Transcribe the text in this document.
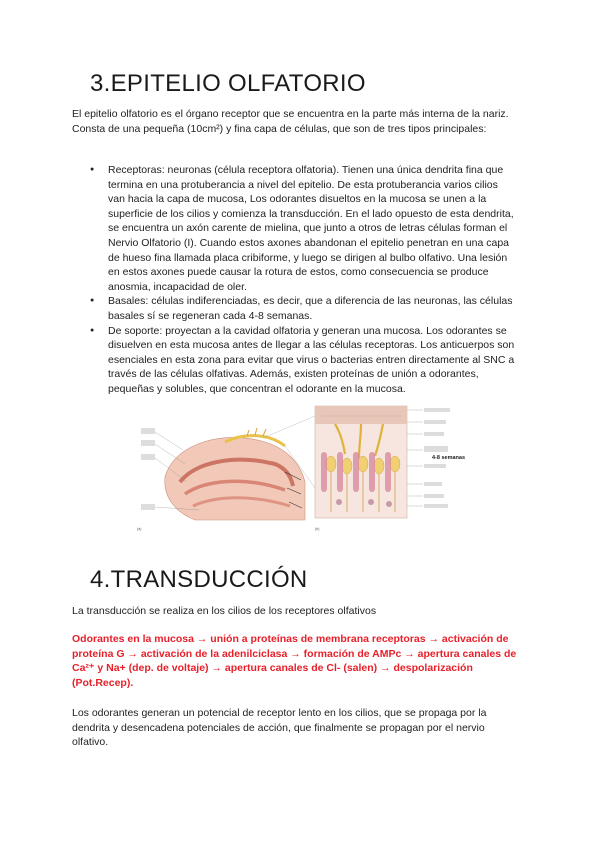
3.EPITELIO OLFATORIO

El epitelio olfatorio es el órgano receptor que se encuentra en la parte más interna de la nariz. Consta de una pequeña (10cm²) y fina capa de células, que son de tres tipos principales:

● Receptoras: neuronas (célula receptora olfatoria). Tienen una única dendrita fina que termina en una protuberancia a nivel del epitelio. De esta protuberancia varios cilios van hacia la capa de mucosa, Los odorantes disueltos en la mucosa se unen a la superficie de los cilios y comienza la transducción. En el lado opuesto de esta dendrita, se encuentra un axón carente de mielina, que junto a otros de letras células forman el Nervio Olfatorio (I). Cuando estos axones abandonan el epitelio penetran en una capa de hueso fina llamada placa cribiforme, y luego se dirigen al bulbo olfativo. Una lesión en estos axones puede causar la rotura de estos, como consecuencia se produce anosmia, incapacidad de oler.
● Basales: células indiferenciadas, es decir, que a diferencia de las neuronas, las células basales sí se regeneran cada 4-8 semanas.
● De soporte: proyectan a la cavidad olfatoria y generan una mucosa. Los odorantes se disuelven en esta mucosa antes de llegar a las células receptoras. Los anticuerpos son esenciales en esta zona para evitar que virus o bacterias entren directamente al SNC a través de las células olfativas. Además, existen proteínas de unión a odorantes, pequeñas y solubles, que concentran el odorante en la mucosa.
(a)
4-8 semanas
(b)
4.TRANSDUCCIÓN

La transducción se realiza en los cilios de los receptores olfativos

Odorantes en la mucosa → unión a proteínas de membrana receptoras → activación de proteína G → activación de la adenilciclasa → formación de AMPc → apertura canales de Ca²⁺ y Na+ (dep. de voltaje) → apertura canales de Cl- (salen) → despolarización (Pot.Recep).

Los odorantes generan un potencial de receptor lento en los cilios, que se propaga por la dendrita y desencadena potenciales de acción, que finalmente se propagan por el nervio olfativo.
